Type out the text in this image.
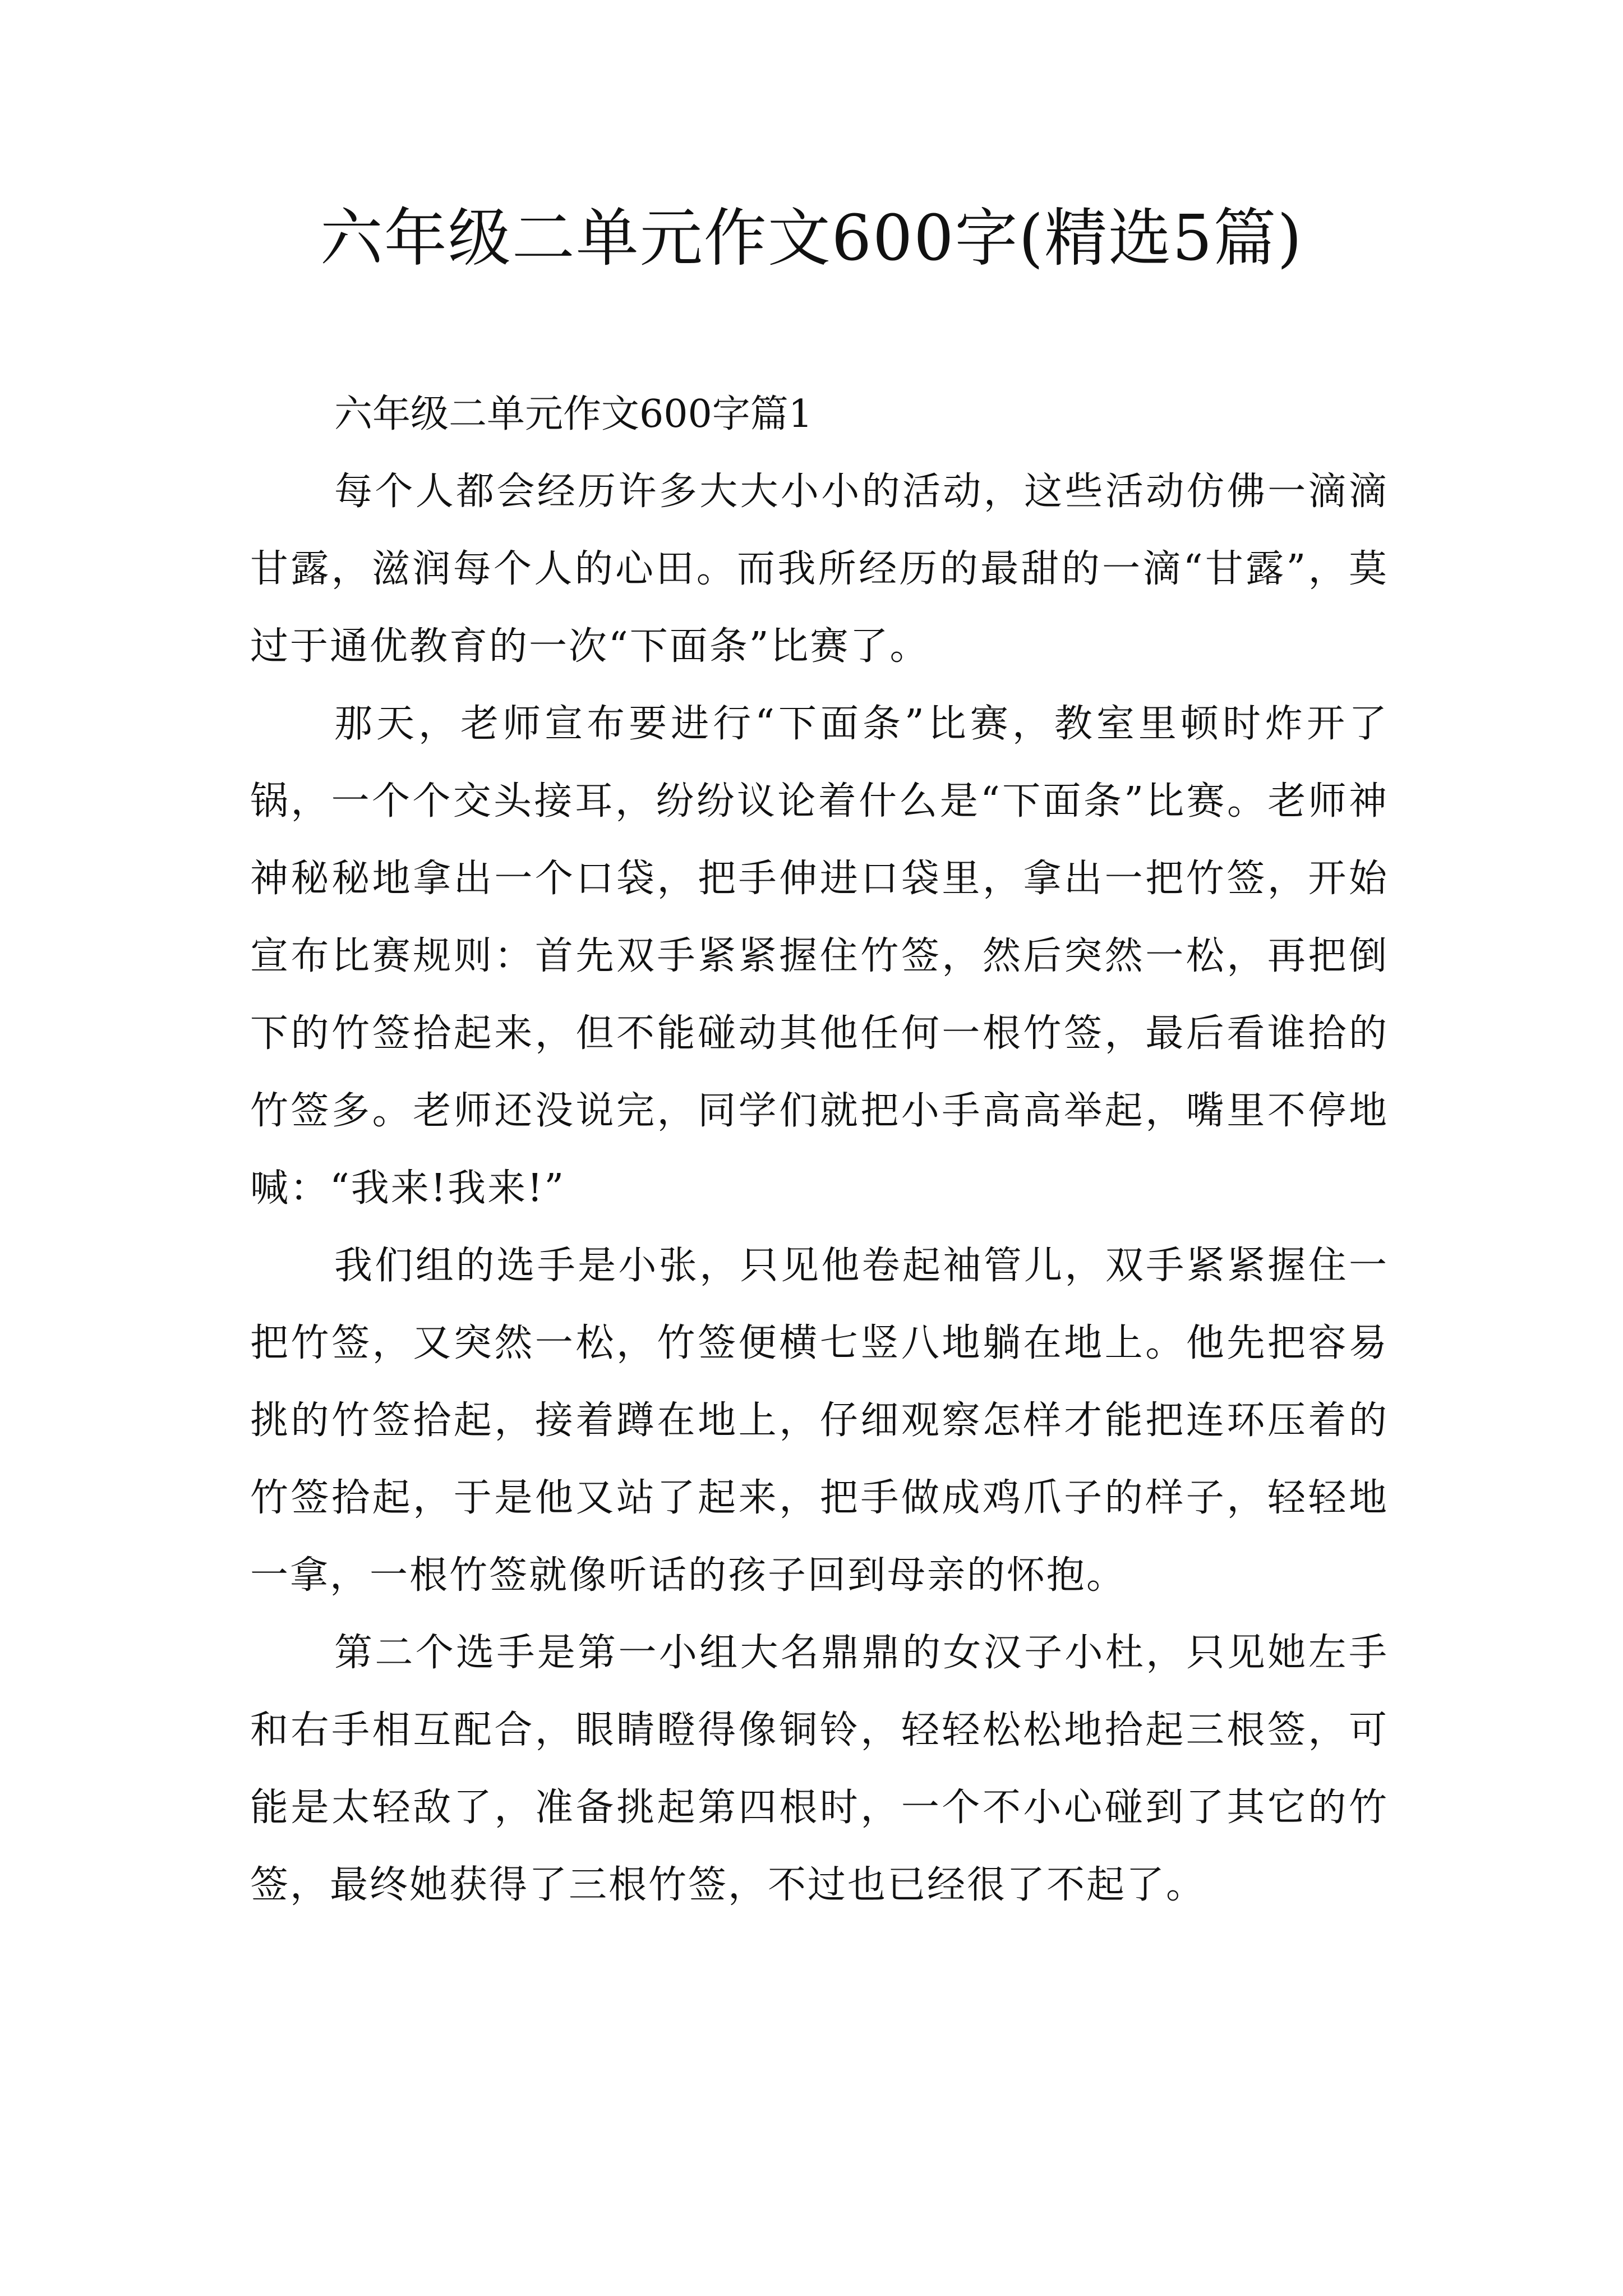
六年级二单元作文600字(精选5篇)

六年级二单元作文600字篇1

每个人都会经历许多大大小小的活动，这些活动仿佛一滴滴甘露，滋润每个人的心田。而我所经历的最甜的一滴“甘露”，莫过于通优教育的一次“下面条”比赛了。

那天，老师宣布要进行“下面条”比赛，教室里顿时炸开了锅，一个个交头接耳，纷纷议论着什么是“下面条”比赛。老师神神秘秘地拿出一个口袋，把手伸进口袋里，拿出一把竹签，开始宣布比赛规则：首先双手紧紧握住竹签，然后突然一松，再把倒下的竹签拾起来，但不能碰动其他任何一根竹签，最后看谁拾的竹签多。老师还没说完，同学们就把小手高高举起，嘴里不停地喊：“我来!我来!”

我们组的选手是小张，只见他卷起袖管儿，双手紧紧握住一把竹签，又突然一松，竹签便横七竖八地躺在地上。他先把容易挑的竹签拾起，接着蹲在地上，仔细观察怎样才能把连环压着的竹签拾起，于是他又站了起来，把手做成鸡爪子的样子，轻轻地一拿，一根竹签就像听话的孩子回到母亲的怀抱。

第二个选手是第一小组大名鼎鼎的女汉子小杜，只见她左手和右手相互配合，眼睛瞪得像铜铃，轻轻松松地拾起三根签，可能是太轻敌了，准备挑起第四根时，一个不小心碰到了其它的竹签，最终她获得了三根竹签，不过也已经很了不起了。
